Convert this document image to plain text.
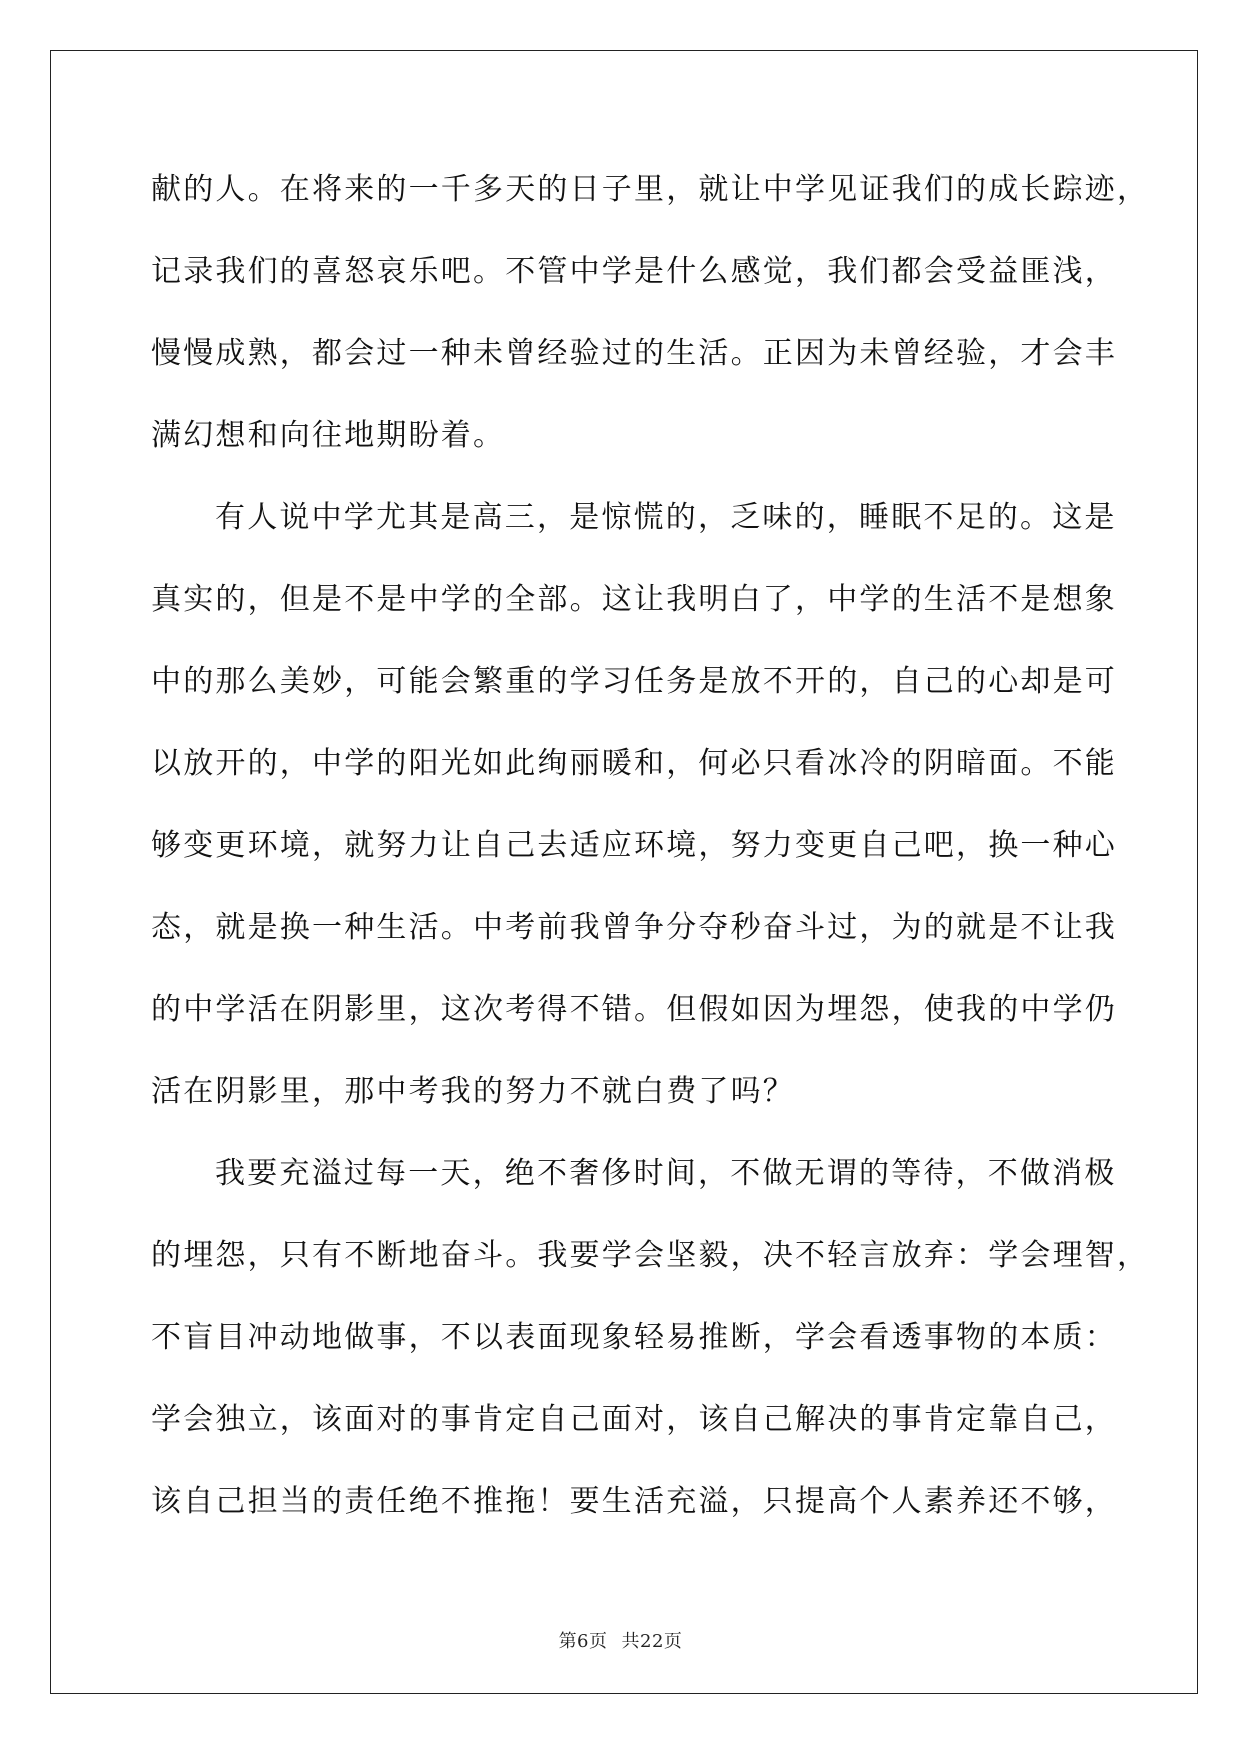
献的人。在将来的一千多天的日子里，就让中学见证我们的成长踪迹，
记录我们的喜怒哀乐吧。不管中学是什么感觉，我们都会受益匪浅，
慢慢成熟，都会过一种未曾经验过的生活。正因为未曾经验，才会丰
满幻想和向往地期盼着。
有人说中学尤其是高三，是惊慌的，乏味的，睡眠不足的。这是
真实的，但是不是中学的全部。这让我明白了，中学的生活不是想象
中的那么美妙，可能会繁重的学习任务是放不开的，自己的心却是可
以放开的，中学的阳光如此绚丽暖和，何必只看冰冷的阴暗面。不能
够变更环境，就努力让自己去适应环境，努力变更自己吧，换一种心
态，就是换一种生活。中考前我曾争分夺秒奋斗过，为的就是不让我
的中学活在阴影里，这次考得不错。但假如因为埋怨，使我的中学仍
活在阴影里，那中考我的努力不就白费了吗？
我要充溢过每一天，绝不奢侈时间，不做无谓的等待，不做消极
的埋怨，只有不断地奋斗。我要学会坚毅，决不轻言放弃：学会理智，
不盲目冲动地做事，不以表面现象轻易推断，学会看透事物的本质：
学会独立，该面对的事肯定自己面对，该自己解决的事肯定靠自己，
该自己担当的责任绝不推拖！要生活充溢，只提高个人素养还不够，
第6页 共22页
